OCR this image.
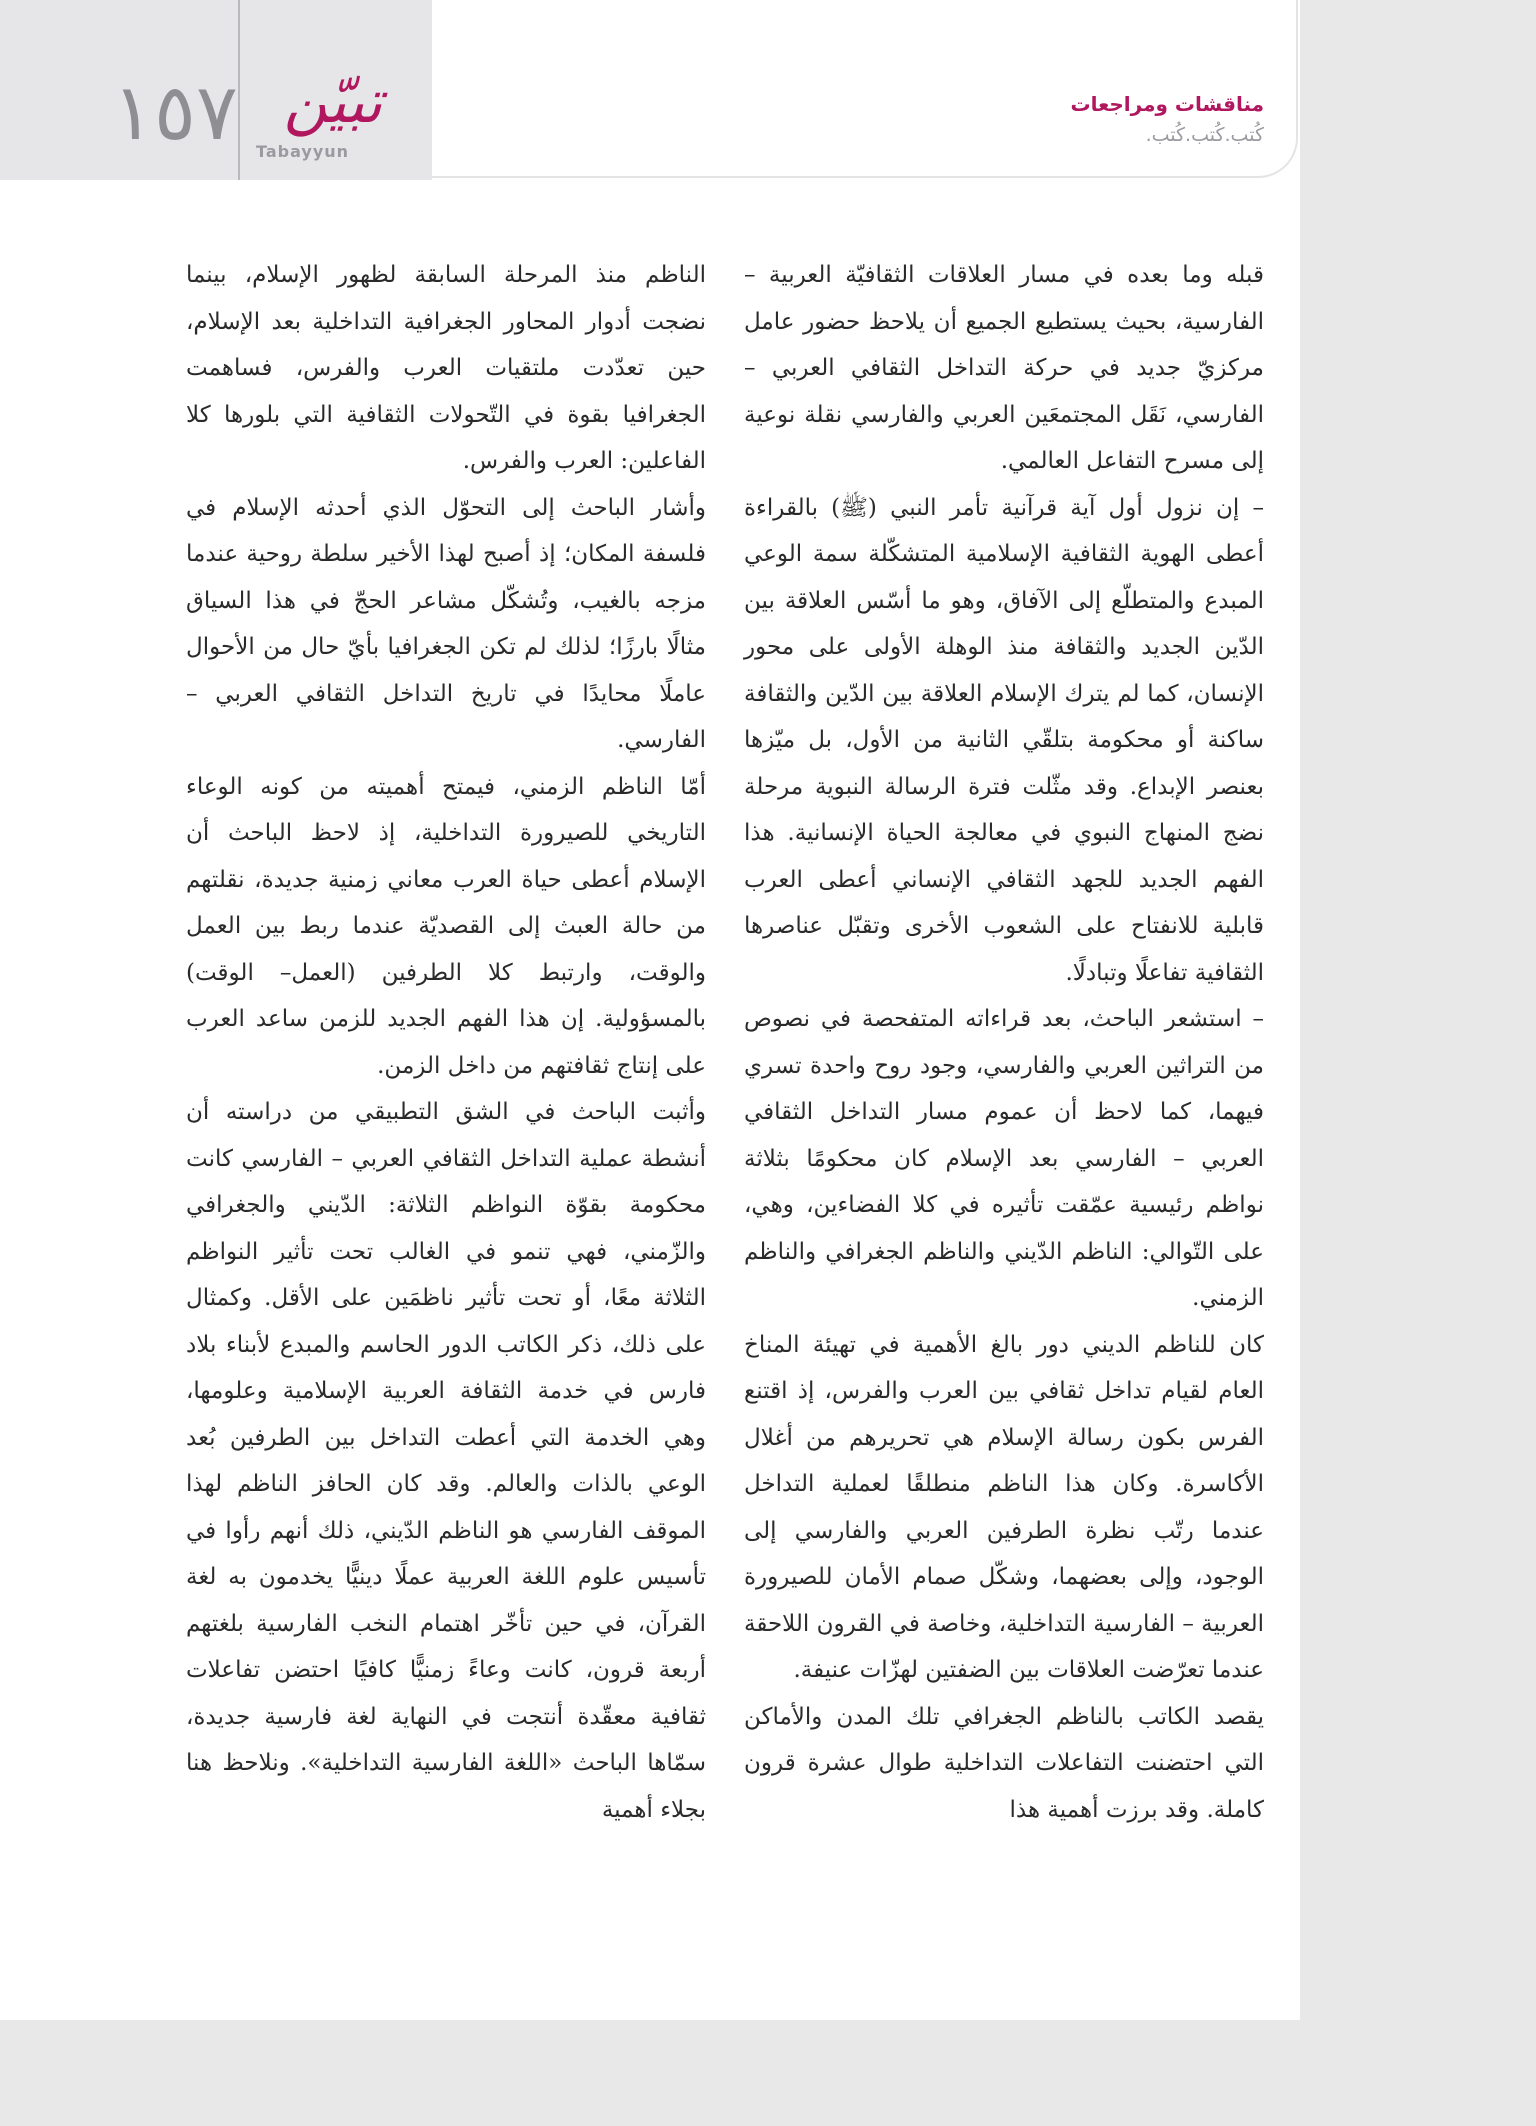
١٥٧ تبيّن
Tabayyun
مناقشات ومراجعات
كُتب.كُتب.كُتب.

قبله وما بعده في مسار العلاقات الثقافيّة العربية – الفارسية، بحيث يستطيع الجميع أن يلاحظ حضور عامل مركزيّ جديد في حركة التداخل الثقافي العربي – الفارسي، نَقَل المجتمعَين العربي والفارسي نقلة نوعية إلى مسرح التفاعل العالمي.

– إن نزول أول آية قرآنية تأمر النبي (ﷺ) بالقراءة أعطى الهوية الثقافية الإسلامية المتشكّلة سمة الوعي المبدع والمتطلّع إلى الآفاق، وهو ما أسّس العلاقة بين الدّين الجديد والثقافة منذ الوهلة الأولى على محور الإنسان، كما لم يترك الإسلام العلاقة بين الدّين والثقافة ساكنة أو محكومة بتلقّي الثانية من الأول، بل ميّزها بعنصر الإبداع. وقد مثّلت فترة الرسالة النبوية مرحلة نضج المنهاج النبوي في معالجة الحياة الإنسانية. هذا الفهم الجديد للجهد الثقافي الإنساني أعطى العرب قابلية للانفتاح على الشعوب الأخرى وتقبّل عناصرها الثقافية تفاعلًا وتبادلًا.

– استشعر الباحث، بعد قراءاته المتفحصة في نصوص من التراثين العربي والفارسي، وجود روح واحدة تسري فيهما، كما لاحظ أن عموم مسار التداخل الثقافي العربي – الفارسي بعد الإسلام كان محكومًا بثلاثة نواظم رئيسية عمّقت تأثيره في كلا الفضاءين، وهي، على التّوالي: الناظم الدّيني والناظم الجغرافي والناظم الزمني.

كان للناظم الديني دور بالغ الأهمية في تهيئة المناخ العام لقيام تداخل ثقافي بين العرب والفرس، إذ اقتنع الفرس بكون رسالة الإسلام هي تحريرهم من أغلال الأكاسرة. وكان هذا الناظم منطلقًا لعملية التداخل عندما رتّب نظرة الطرفين العربي والفارسي إلى الوجود، وإلى بعضهما، وشكّل صمام الأمان للصيرورة العربية – الفارسية التداخلية، وخاصة في القرون اللاحقة عندما تعرّضت العلاقات بين الضفتين لهزّات عنيفة.

يقصد الكاتب بالناظم الجغرافي تلك المدن والأماكن التي احتضنت التفاعلات التداخلية طوال عشرة قرون كاملة. وقد برزت أهمية هذا

الناظم منذ المرحلة السابقة لظهور الإسلام، بينما نضجت أدوار المحاور الجغرافية التداخلية بعد الإسلام، حين تعدّدت ملتقيات العرب والفرس، فساهمت الجغرافيا بقوة في التّحولات الثقافية التي بلورها كلا الفاعلين: العرب والفرس.

وأشار الباحث إلى التحوّل الذي أحدثه الإسلام في فلسفة المكان؛ إذ أصبح لهذا الأخير سلطة روحية عندما مزجه بالغيب، وتُشكّل مشاعر الحجّ في هذا السياق مثالًا بارزًا؛ لذلك لم تكن الجغرافيا بأيّ حال من الأحوال عاملًا محايدًا في تاريخ التداخل الثقافي العربي – الفارسي.

أمّا الناظم الزمني، فيمتح أهميته من كونه الوعاء التاريخي للصيرورة التداخلية، إذ لاحظ الباحث أن الإسلام أعطى حياة العرب معاني زمنية جديدة، نقلتهم من حالة العبث إلى القصديّة عندما ربط بين العمل والوقت، وارتبط كلا الطرفين (العمل– الوقت) بالمسؤولية. إن هذا الفهم الجديد للزمن ساعد العرب على إنتاج ثقافتهم من داخل الزمن.

وأثبت الباحث في الشق التطبيقي من دراسته أن أنشطة عملية التداخل الثقافي العربي – الفارسي كانت محكومة بقوّة النواظم الثلاثة: الدّيني والجغرافي والزّمني، فهي تنمو في الغالب تحت تأثير النواظم الثلاثة معًا، أو تحت تأثير ناظمَين على الأقل. وكمثال على ذلك، ذكر الكاتب الدور الحاسم والمبدع لأبناء بلاد فارس في خدمة الثقافة العربية الإسلامية وعلومها، وهي الخدمة التي أعطت التداخل بين الطرفين بُعد الوعي بالذات والعالم. وقد كان الحافز الناظم لهذا الموقف الفارسي هو الناظم الدّيني، ذلك أنهم رأوا في تأسيس علوم اللغة العربية عملًا دينيًّا يخدمون به لغة القرآن، في حين تأخّر اهتمام النخب الفارسية بلغتهم أربعة قرون، كانت وعاءً زمنيًّا كافيًا احتضن تفاعلات ثقافية معقّدة أنتجت في النهاية لغة فارسية جديدة، سمّاها الباحث «اللغة الفارسية التداخلية». ونلاحظ هنا بجلاء أهمية
